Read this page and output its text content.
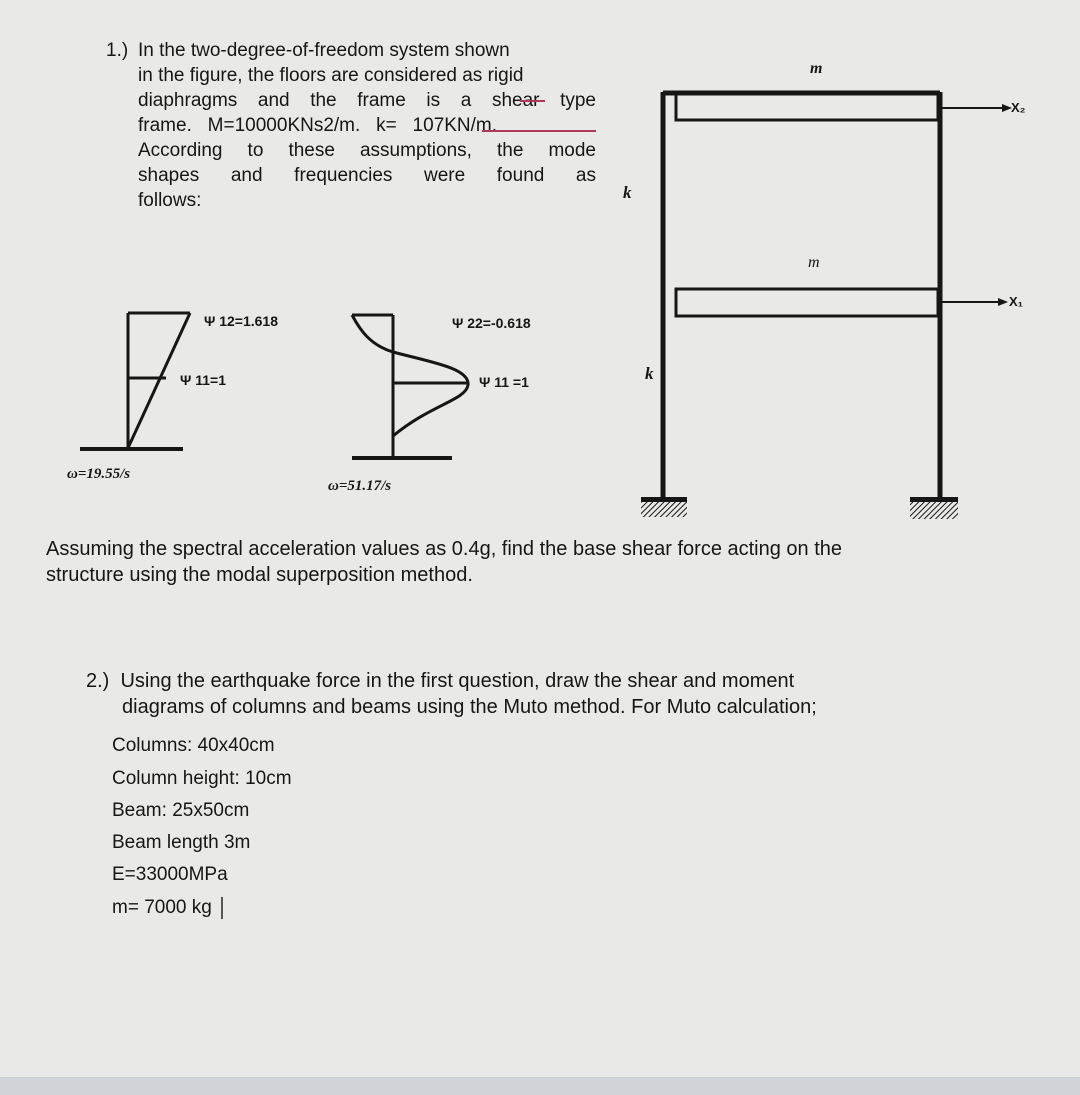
1.) In the two-degree-of-freedom system shown
in the figure, the floors are considered as rigid
diaphragms and the frame is a shear type
frame.   M=10000KNs2/m.   k=   107KN/m.
According to these assumptions, the mode
shapes and frequencies were found as
follows:
Ψ 12=1.618
Ψ 11=1
ω=19.55/s
Ψ 22=-0.618
Ψ 11 =1
ω=51.17/s
m
m
k
k
X₂
X₁
Assuming the spectral acceleration values as 0.4g, find the base shear force acting on the
structure using the modal superposition method.
2.) Using the earthquake force in the first question, draw the shear and moment
diagrams of columns and beams using the Muto method. For Muto calculation;
Columns: 40x40cm
Column height: 10cm
Beam: 25x50cm
Beam length 3m
E=33000MPa
m= 7000 kg
